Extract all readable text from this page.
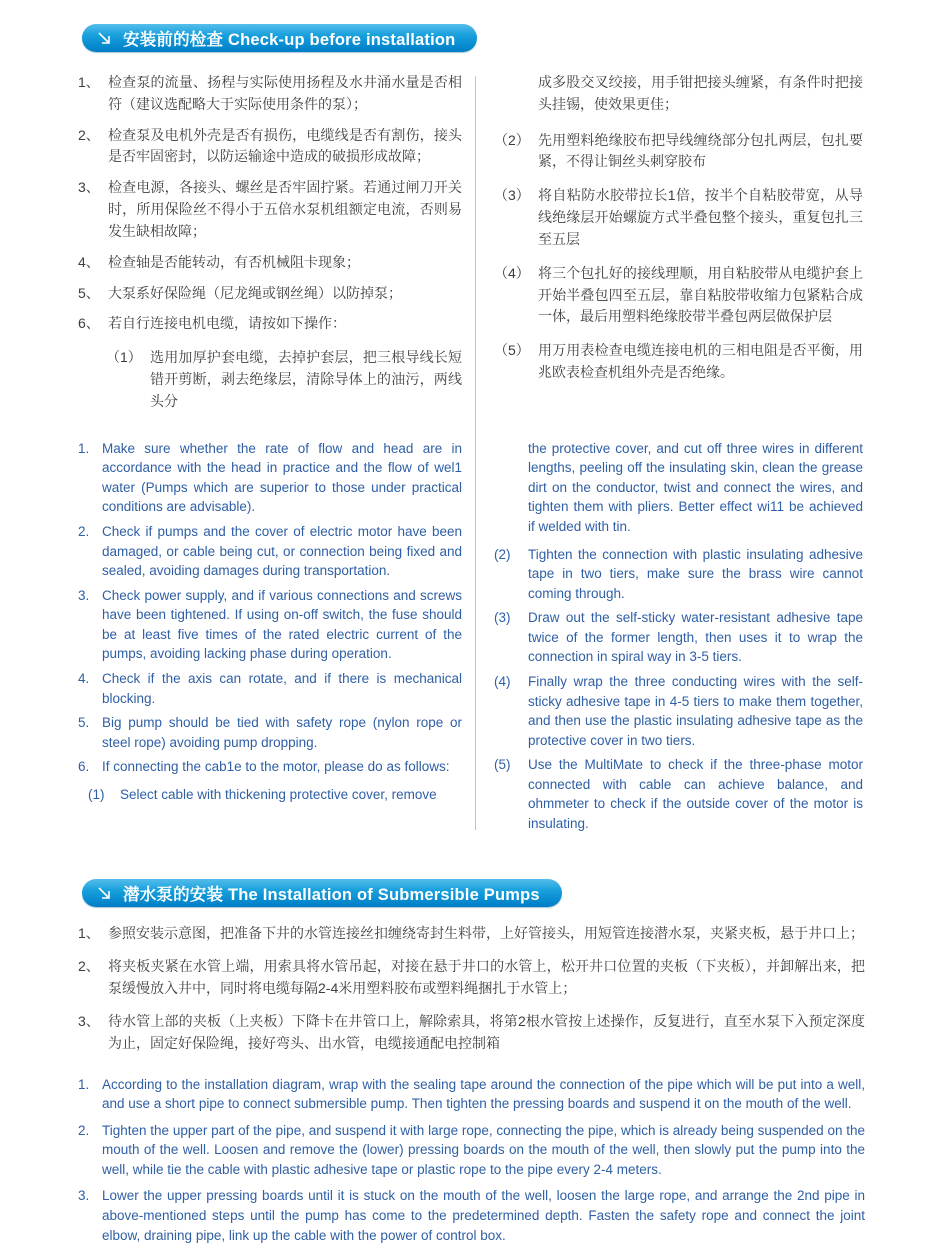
安装前的检查 Check-up before installation
1、 检查泵的流量、扬程与实际使用扬程及水井涌水量是否相符（建议选配略大于实际使用条件的泵）；
2、 检查泵及电机外壳是否有损伤，电缆线是否有割伤，接头是否牢固密封，以防运输途中造成的破损形成故障；
3、 检查电源，各接头、螺丝是否牢固拧紧。若通过闸刀开关时，所用保险丝不得小于五倍水泵机组额定电流，否则易发生缺相故障；
4、 检查轴是否能转动，有否机械阻卡现象；
5、 大泵系好保险绳（尼龙绳或钢丝绳）以防掉泵；
6、 若自行连接电机电缆，请按如下操作：
（1） 选用加厚护套电缆，去掉护套层，把三根导线长短错开剪断，剥去绝缘层，清除导体上的油污，两线头分
成多股交叉绞接，用手钳把接头缠紧，有条件时把接头挂锡，使效果更佳；
（2） 先用塑料绝缘胶布把导线缠绕部分包扎两层，包扎要紧，不得让铜丝头刺穿胶布
（3） 将自粘防水胶带拉长1倍，按半个自粘胶带宽，从导线绝缘层开始螺旋方式半叠包整个接头，重复包扎三至五层
（4） 将三个包扎好的接线理顺，用自粘胶带从电缆护套上开始半叠包四至五层，靠自粘胶带收缩力包紧粘合成一体，最后用塑料绝缘胶带半叠包两层做保护层
（5） 用万用表检查电缆连接电机的三相电阻是否平衡，用兆欧表检查机组外壳是否绝缘。
1. Make sure whether the rate of flow and head are in accordance with the head in practice and the flow of wel1 water (Pumps which are superior to those under practical conditions are advisable).
2. Check if pumps and the cover of electric motor have been damaged, or cable being cut, or connection being fixed and sealed, avoiding damages during transportation.
3. Check power supply, and if various connections and screws have been tightened. If using on-off switch, the fuse should be at least five times of the rated electric current of the pumps, avoiding lacking phase during operation.
4. Check if the axis can rotate, and if there is mechanical blocking.
5. Big pump should be tied with safety rope (nylon rope or steel rope) avoiding pump dropping.
6. If connecting the cab1e to the motor, please do as follows:
(1)	Select cable with thickening protective cover, remove
the protective cover, and cut off three wires in different lengths, peeling off the insulating skin, clean the grease dirt on the conductor, twist and connect the wires, and tighten them with pliers. Better effect wi11 be achieved if welded with tin.
(2)	Tighten the connection with plastic insulating adhesive tape in two tiers, make sure the brass wire cannot coming through.
(3)	Draw out the self-sticky water-resistant adhesive tape twice of the former length, then uses it to wrap the connection in spiral way in 3-5 tiers.
(4)	Finally wrap the three conducting wires with the self-sticky adhesive tape in 4-5 tiers to make them together, and then use the plastic insulating adhesive tape as the protective cover in two tiers.
(5)	Use the MultiMate to check if the three-phase motor connected with cable can achieve balance, and ohmmeter to check if the outside cover of the motor is insulating.
潜水泵的安装 The Installation of Submersible Pumps
1、 参照安装示意图，把准备下井的水管连接丝扣缠绕寄封生料带，上好管接头，用短管连接潜水泵，夹紧夹板，悬于井口上；
2、 将夹板夹紧在水管上端，用索具将水管吊起，对接在悬于井口的水管上，松开井口位置的夹板（下夹板），并卸解出来，把泵缓慢放入井中，同时将电缆每隔2-4米用塑料胶布或塑料绳捆扎于水管上；
3、 待水管上部的夹板（上夹板）下降卡在井管口上，解除索具，将第2根水管按上述操作，反复进行，直至水泵下入预定深度为止，固定好保险绳，接好弯头、出水管，电缆接通配电控制箱
1. According to the installation diagram, wrap with the sealing tape around the connection of the pipe which will be put into a well, and use a short pipe to connect submersible pump. Then tighten the pressing boards and suspend it on the mouth of the well.
2. Tighten the upper part of the pipe, and suspend it with large rope, connecting the pipe, which is already being suspended on the mouth of the well. Loosen and remove the (lower) pressing boards on the mouth of the well, then slowly put the pump into the well, while tie the cable with plastic adhesive tape or plastic rope to the pipe every 2-4 meters.
3. Lower the upper pressing boards until it is stuck on the mouth of the well, loosen the large rope, and arrange the 2nd pipe in above-mentioned steps until the pump has come to the predetermined depth. Fasten the safety rope and connect the joint elbow, draining pipe, link up the cable with the power of control box.
